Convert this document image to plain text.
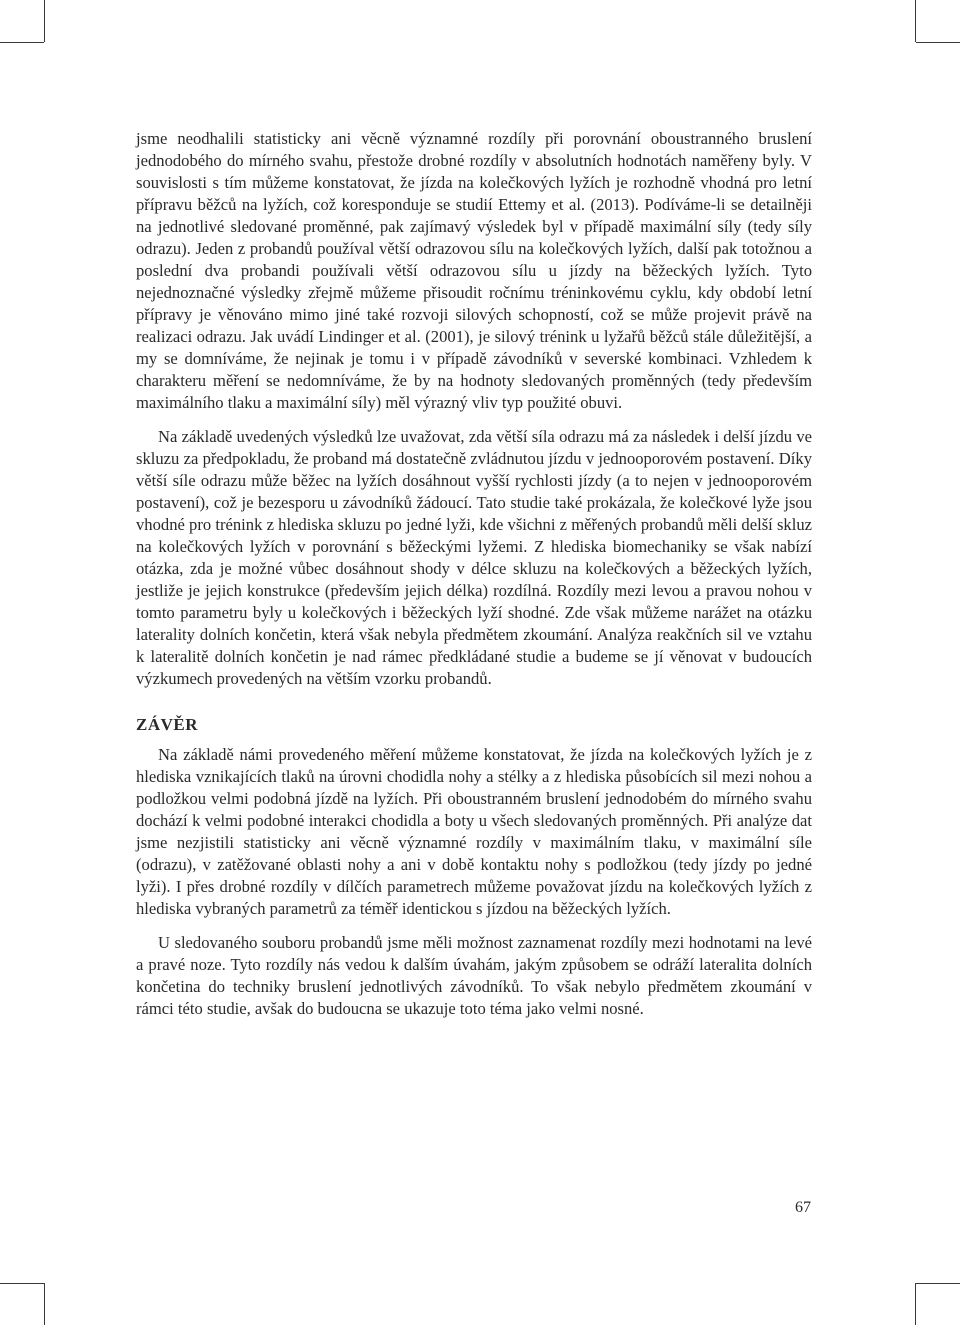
jsme neodhalili statisticky ani věcně významné rozdíly při porovnání oboustranného bruslení jednodobého do mírného svahu, přestože drobné rozdíly v absolutních hodnotách naměřeny byly. V souvislosti s tím můžeme konstatovat, že jízda na kolečkových lyžích je rozhodně vhodná pro letní přípravu běžců na lyžích, což koresponduje se studií Ettemy et al. (2013). Podíváme-li se detailněji na jednotlivé sledované proměnné, pak zajímavý výsledek byl v případě maximální síly (tedy síly odrazu). Jeden z probandů používal větší odrazovou sílu na kolečkových lyžích, další pak totožnou a poslední dva probandi používali větší odrazovou sílu u jízdy na běžeckých lyžích. Tyto nejednoznačné výsledky zřejmě můžeme přisoudit ročnímu tréninkovému cyklu, kdy období letní přípravy je věnováno mimo jiné také rozvoji silových schopností, což se může projevit právě na realizaci odrazu. Jak uvádí Lindinger et al. (2001), je silový trénink u lyžařů běžců stále důležitější, a my se domníváme, že nejinak je tomu i v případě závodníků v severské kombinaci. Vzhledem k charakteru měření se nedomníváme, že by na hodnoty sledovaných proměnných (tedy především maximálního tlaku a maximální síly) měl výrazný vliv typ použité obuvi.

Na základě uvedených výsledků lze uvažovat, zda větší síla odrazu má za následek i delší jízdu ve skluzu za předpokladu, že proband má dostatečně zvládnutou jízdu v jednooporovém postavení. Díky větší síle odrazu může běžec na lyžích dosáhnout vyšší rychlosti jízdy (a to nejen v jednooporovém postavení), což je bezesporu u závodníků žádoucí. Tato studie také prokázala, že kolečkové lyže jsou vhodné pro trénink z hlediska skluzu po jedné lyži, kde všichni z měřených probandů měli delší skluz na kolečkových lyžích v porovnání s běžeckými lyžemi. Z hlediska biomechaniky se však nabízí otázka, zda je možné vůbec dosáhnout shody v délce skluzu na kolečkových a běžeckých lyžích, jestliže je jejich konstrukce (především jejich délka) rozdílná. Rozdíly mezi levou a pravou nohou v tomto parametru byly u kolečkových i běžeckých lyží shodné. Zde však můžeme narážet na otázku laterality dolních končetin, která však nebyla předmětem zkoumání. Analýza reakčních sil ve vztahu k lateralitě dolních končetin je nad rámec předkládané studie a budeme se jí věnovat v budoucích výzkumech provedených na větším vzorku probandů.

ZÁVĚR

Na základě námi provedeného měření můžeme konstatovat, že jízda na kolečkových lyžích je z hlediska vznikajících tlaků na úrovni chodidla nohy a stélky a z hlediska působících sil mezi nohou a podložkou velmi podobná jízdě na lyžích. Při oboustranném bruslení jednodobém do mírného svahu dochází k velmi podobné interakci chodidla a boty u všech sledovaných proměnných. Při analýze dat jsme nezjistili statisticky ani věcně významné rozdíly v maximálním tlaku, v maximální síle (odrazu), v zatěžované oblasti nohy a ani v době kontaktu nohy s podložkou (tedy jízdy po jedné lyži). I přes drobné rozdíly v dílčích parametrech můžeme považovat jízdu na kolečkových lyžích z hlediska vybraných parametrů za téměř identickou s jízdou na běžeckých lyžích.

U sledovaného souboru probandů jsme měli možnost zaznamenat rozdíly mezi hodnotami na levé a pravé noze. Tyto rozdíly nás vedou k dalším úvahám, jakým způsobem se odráží lateralita dolních končetina do techniky bruslení jednotlivých závodníků. To však nebylo předmětem zkoumání v rámci této studie, avšak do budoucna se ukazuje toto téma jako velmi nosné.

67
